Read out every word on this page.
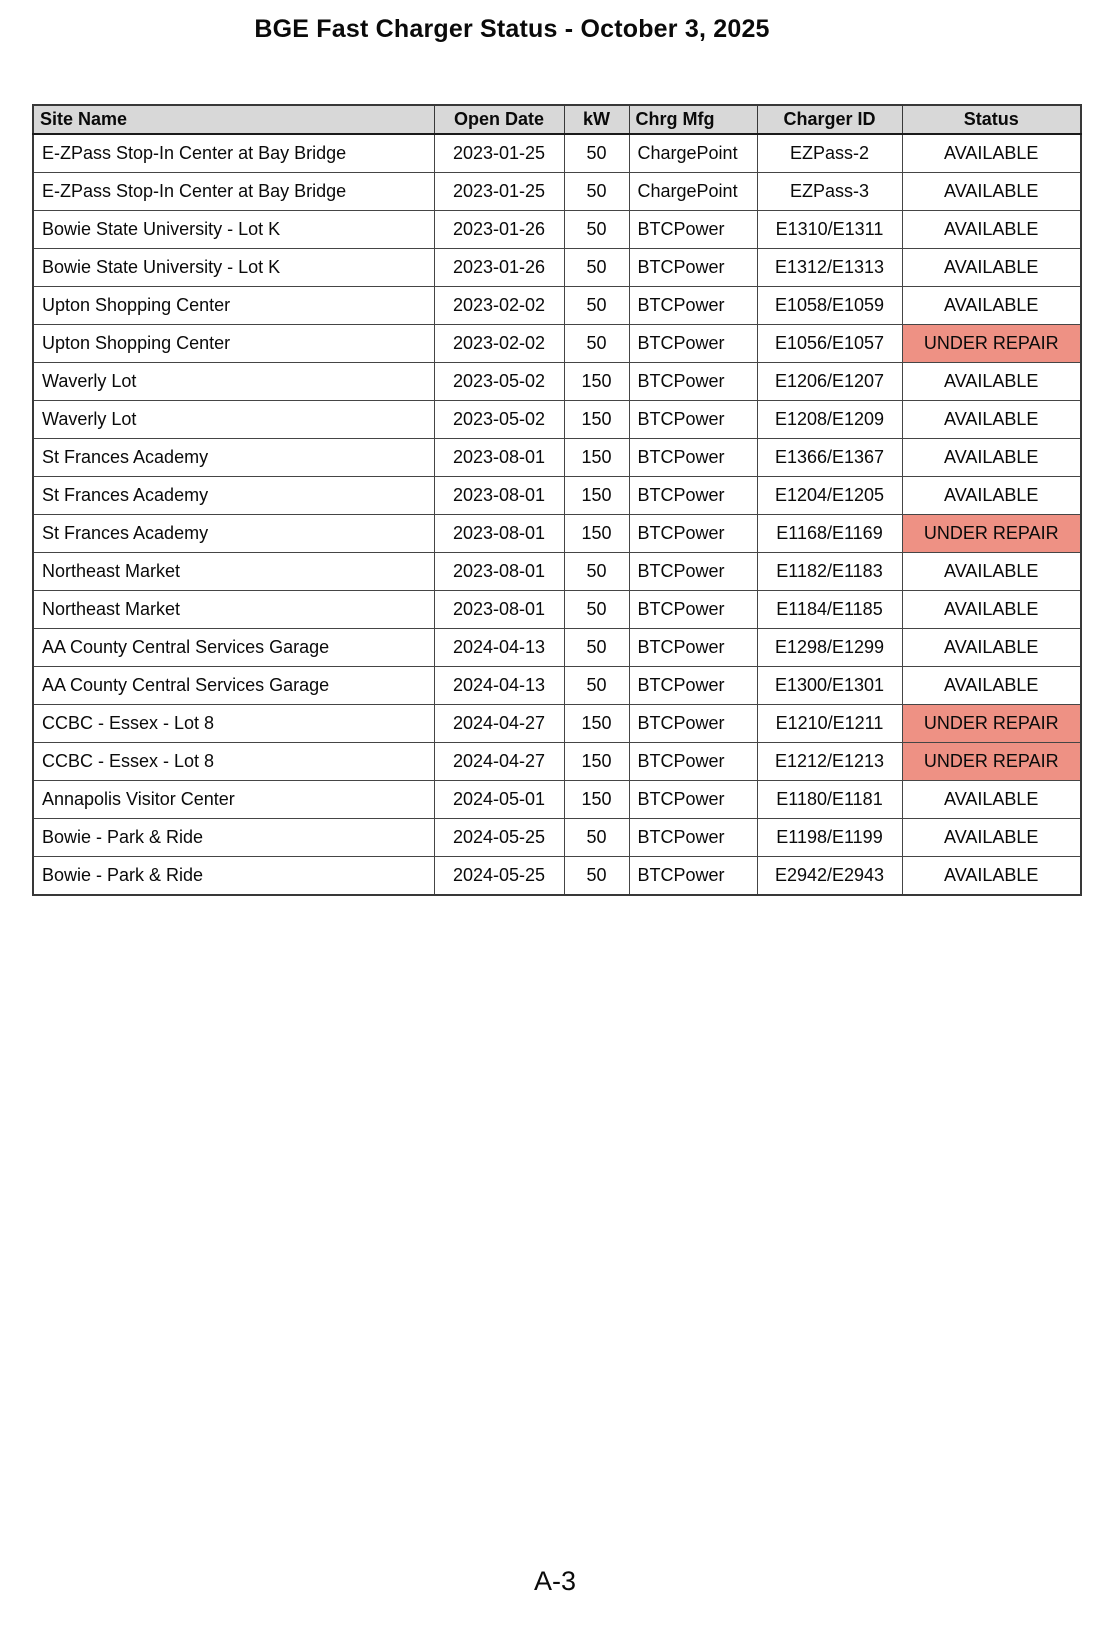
BGE Fast Charger Status - October 3, 2025
Site Name	Open Date	kW	Chrg Mfg	Charger ID	Status
E-ZPass Stop-In Center at Bay Bridge	2023-01-25	50	ChargePoint	EZPass-2	AVAILABLE
E-ZPass Stop-In Center at Bay Bridge	2023-01-25	50	ChargePoint	EZPass-3	AVAILABLE
Bowie State University - Lot K	2023-01-26	50	BTCPower	E1310/E1311	AVAILABLE
Bowie State University - Lot K	2023-01-26	50	BTCPower	E1312/E1313	AVAILABLE
Upton Shopping Center	2023-02-02	50	BTCPower	E1058/E1059	AVAILABLE
Upton Shopping Center	2023-02-02	50	BTCPower	E1056/E1057	UNDER REPAIR
Waverly Lot	2023-05-02	150	BTCPower	E1206/E1207	AVAILABLE
Waverly Lot	2023-05-02	150	BTCPower	E1208/E1209	AVAILABLE
St Frances Academy	2023-08-01	150	BTCPower	E1366/E1367	AVAILABLE
St Frances Academy	2023-08-01	150	BTCPower	E1204/E1205	AVAILABLE
St Frances Academy	2023-08-01	150	BTCPower	E1168/E1169	UNDER REPAIR
Northeast Market	2023-08-01	50	BTCPower	E1182/E1183	AVAILABLE
Northeast Market	2023-08-01	50	BTCPower	E1184/E1185	AVAILABLE
AA County Central Services Garage	2024-04-13	50	BTCPower	E1298/E1299	AVAILABLE
AA County Central Services Garage	2024-04-13	50	BTCPower	E1300/E1301	AVAILABLE
CCBC - Essex - Lot 8	2024-04-27	150	BTCPower	E1210/E1211	UNDER REPAIR
CCBC - Essex - Lot 8	2024-04-27	150	BTCPower	E1212/E1213	UNDER REPAIR
Annapolis Visitor Center	2024-05-01	150	BTCPower	E1180/E1181	AVAILABLE
Bowie - Park & Ride	2024-05-25	50	BTCPower	E1198/E1199	AVAILABLE
Bowie - Park & Ride	2024-05-25	50	BTCPower	E2942/E2943	AVAILABLE
A-3
